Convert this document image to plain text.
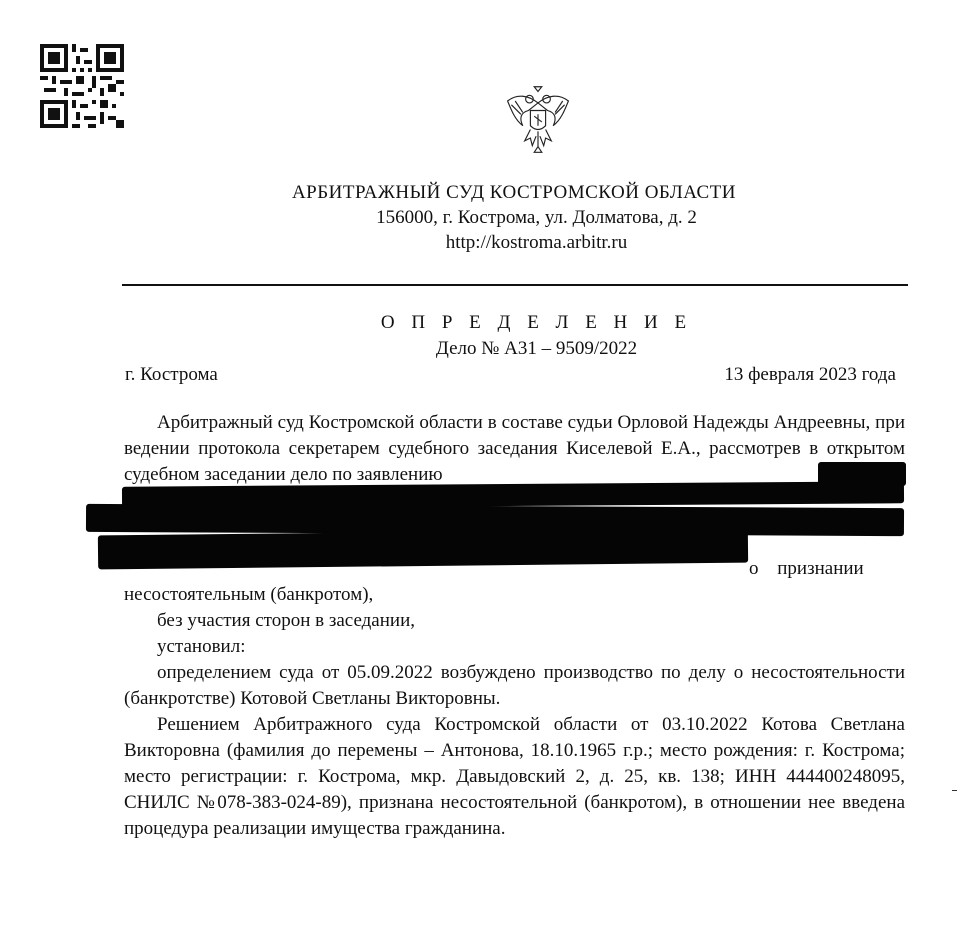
АРБИТРАЖНЫЙ СУД КОСТРОМСКОЙ ОБЛАСТИ
156000, г. Кострома, ул. Долматова, д. 2
http://kostroma.arbitr.ru
О П Р Е Д Е Л Е Н И Е
Дело № А31 – 9509/2022
г. Кострома	13 февраля 2023 года
Арбитражный суд Костромской области в составе судьи Орловой Надежды Андреевны, при ведении протокола секретарем судебного заседания Киселевой Е.А., рассмотрев в открытом судебном заседании дело по заявлению

о признании
несостоятельным (банкротом),
без участия сторон в заседании,
установил:
определением суда от 05.09.2022 возбуждено производство по делу о несостоятельности (банкротстве) Котовой Светланы Викторовны.
Решением Арбитражного суда Костромской области от 03.10.2022 Котова Светлана Викторовна (фамилия до перемены – Антонова, 18.10.1965 г.р.; место рождения: г. Кострома; место регистрации: г. Кострома, мкр. Давыдовский 2, д. 25, кв. 138; ИНН 444400248095, СНИЛС №078-383-024-89), признана несостоятельной (банкротом), в отношении нее введена процедура реализации имущества гражданина.
